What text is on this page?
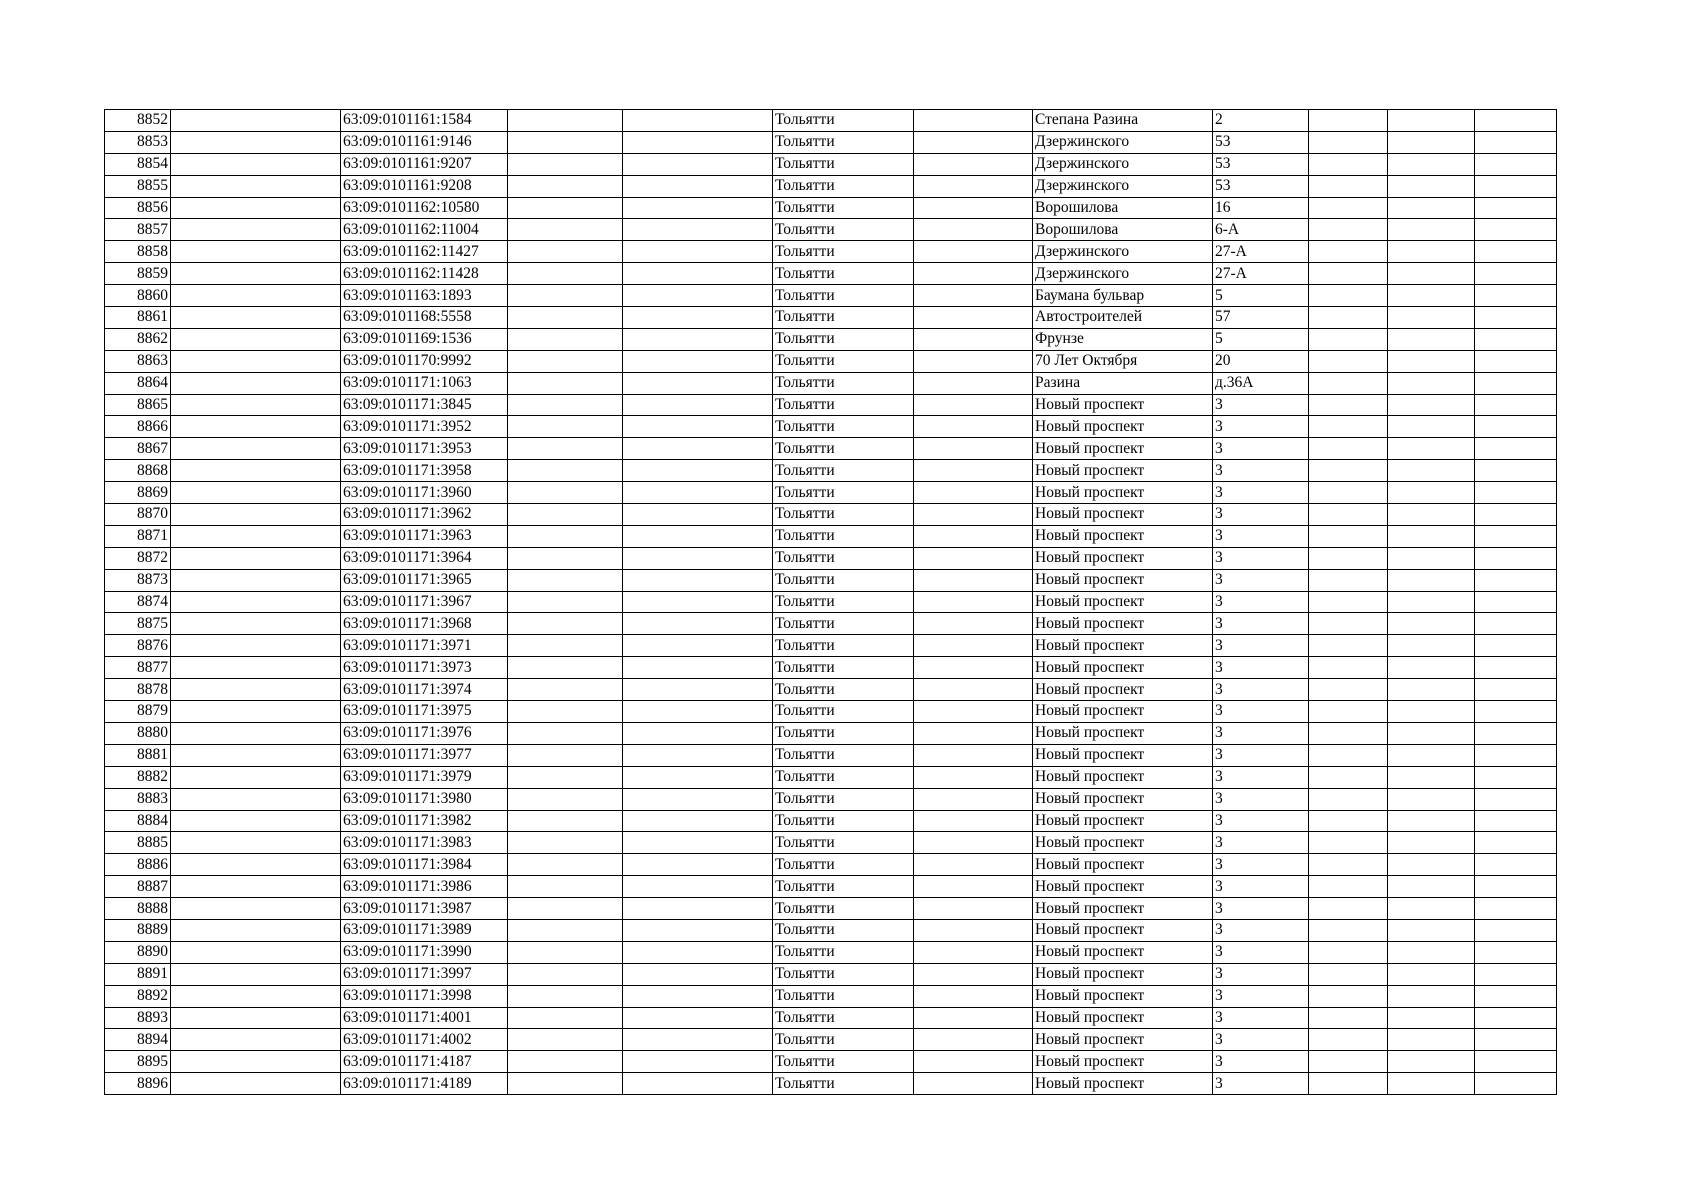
8852		63:09:0101161:1584			Тольятти		Степана Разина	2			
8853		63:09:0101161:9146			Тольятти		Дзержинского	53			
8854		63:09:0101161:9207			Тольятти		Дзержинского	53			
8855		63:09:0101161:9208			Тольятти		Дзержинского	53			
8856		63:09:0101162:10580			Тольятти		Ворошилова	16			
8857		63:09:0101162:11004			Тольятти		Ворошилова	6-А			
8858		63:09:0101162:11427			Тольятти		Дзержинского	27-А			
8859		63:09:0101162:11428			Тольятти		Дзержинского	27-А			
8860		63:09:0101163:1893			Тольятти		Баумана бульвар	5			
8861		63:09:0101168:5558			Тольятти		Автостроителей	57			
8862		63:09:0101169:1536			Тольятти		Фрунзе	5			
8863		63:09:0101170:9992			Тольятти		70 Лет Октября	20			
8864		63:09:0101171:1063			Тольятти		Разина	д.36А			
8865		63:09:0101171:3845			Тольятти		Новый проспект	3			
8866		63:09:0101171:3952			Тольятти		Новый проспект	3			
8867		63:09:0101171:3953			Тольятти		Новый проспект	3			
8868		63:09:0101171:3958			Тольятти		Новый проспект	3			
8869		63:09:0101171:3960			Тольятти		Новый проспект	3			
8870		63:09:0101171:3962			Тольятти		Новый проспект	3			
8871		63:09:0101171:3963			Тольятти		Новый проспект	3			
8872		63:09:0101171:3964			Тольятти		Новый проспект	3			
8873		63:09:0101171:3965			Тольятти		Новый проспект	3			
8874		63:09:0101171:3967			Тольятти		Новый проспект	3			
8875		63:09:0101171:3968			Тольятти		Новый проспект	3			
8876		63:09:0101171:3971			Тольятти		Новый проспект	3			
8877		63:09:0101171:3973			Тольятти		Новый проспект	3			
8878		63:09:0101171:3974			Тольятти		Новый проспект	3			
8879		63:09:0101171:3975			Тольятти		Новый проспект	3			
8880		63:09:0101171:3976			Тольятти		Новый проспект	3			
8881		63:09:0101171:3977			Тольятти		Новый проспект	3			
8882		63:09:0101171:3979			Тольятти		Новый проспект	3			
8883		63:09:0101171:3980			Тольятти		Новый проспект	3			
8884		63:09:0101171:3982			Тольятти		Новый проспект	3			
8885		63:09:0101171:3983			Тольятти		Новый проспект	3			
8886		63:09:0101171:3984			Тольятти		Новый проспект	3			
8887		63:09:0101171:3986			Тольятти		Новый проспект	3			
8888		63:09:0101171:3987			Тольятти		Новый проспект	3			
8889		63:09:0101171:3989			Тольятти		Новый проспект	3			
8890		63:09:0101171:3990			Тольятти		Новый проспект	3			
8891		63:09:0101171:3997			Тольятти		Новый проспект	3			
8892		63:09:0101171:3998			Тольятти		Новый проспект	3			
8893		63:09:0101171:4001			Тольятти		Новый проспект	3			
8894		63:09:0101171:4002			Тольятти		Новый проспект	3			
8895		63:09:0101171:4187			Тольятти		Новый проспект	3			
8896		63:09:0101171:4189			Тольятти		Новый проспект	3			
